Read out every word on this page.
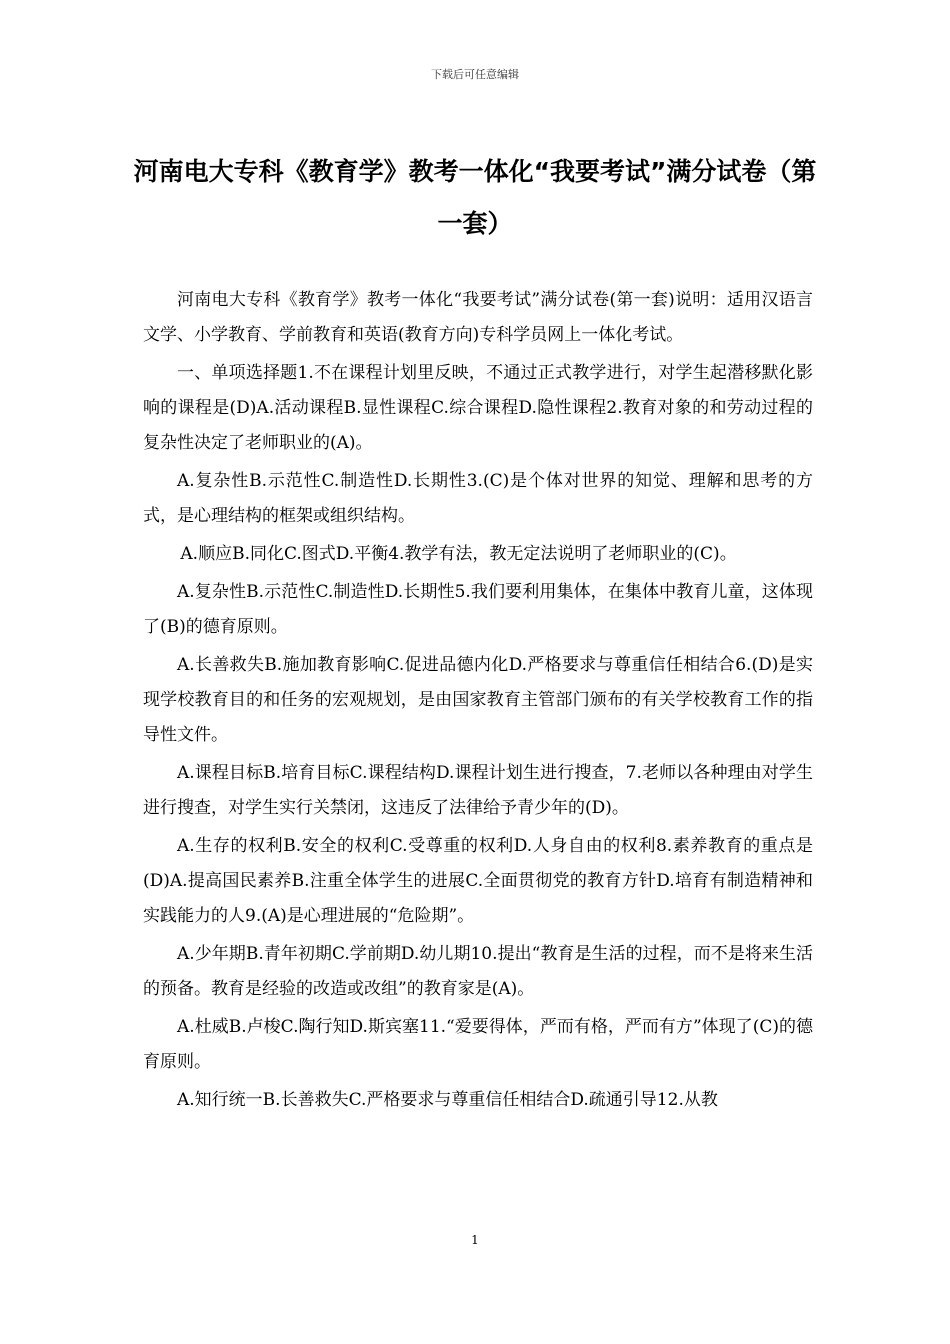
下载后可任意编辑
河南电大专科《教育学》教考一体化“我要考试”满分试卷（第一套）

河南电大专科《教育学》教考一体化“我要考试”满分试卷(第一套)说明：适用汉语言文学、小学教育、学前教育和英语(教育方向)专科学员网上一体化考试。

一、单项选择题1.不在课程计划里反映，不通过正式教学进行，对学生起潜移默化影响的课程是(D)A.活动课程B.显性课程C.综合课程D.隐性课程2.教育对象的和劳动过程的复杂性决定了老师职业的(A)。

A.复杂性B.示范性C.制造性D.长期性3.(C)是个体对世界的知觉、理解和思考的方式，是心理结构的框架或组织结构。

A.顺应B.同化C.图式D.平衡4.教学有法，教无定法说明了老师职业的(C)。

A.复杂性B.示范性C.制造性D.长期性5.我们要利用集体，在集体中教育儿童，这体现了(B)的德育原则。

A.长善救失B.施加教育影响C.促进品德内化D.严格要求与尊重信任相结合6.(D)是实现学校教育目的和任务的宏观规划，是由国家教育主管部门颁布的有关学校教育工作的指导性文件。

A.课程目标B.培育目标C.课程结构D.课程计划生进行搜查，7.老师以各种理由对学生进行搜查，对学生实行关禁闭，这违反了法律给予青少年的(D)。

A.生存的权利B.安全的权利C.受尊重的权利D.人身自由的权利8.素养教育的重点是(D)A.提高国民素养B.注重全体学生的进展C.全面贯彻党的教育方针D.培育有制造精神和实践能力的人9.(A)是心理进展的“危险期”。

A.少年期B.青年初期C.学前期D.幼儿期10.提出“教育是生活的过程，而不是将来生活的预备。教育是经验的改造或改组”的教育家是(A)。

A.杜威B.卢梭C.陶行知D.斯宾塞11.“爱要得体，严而有格，严而有方”体现了(C)的德育原则。

A.知行统一B.长善救失C.严格要求与尊重信任相结合D.疏通引导12.从教

1
